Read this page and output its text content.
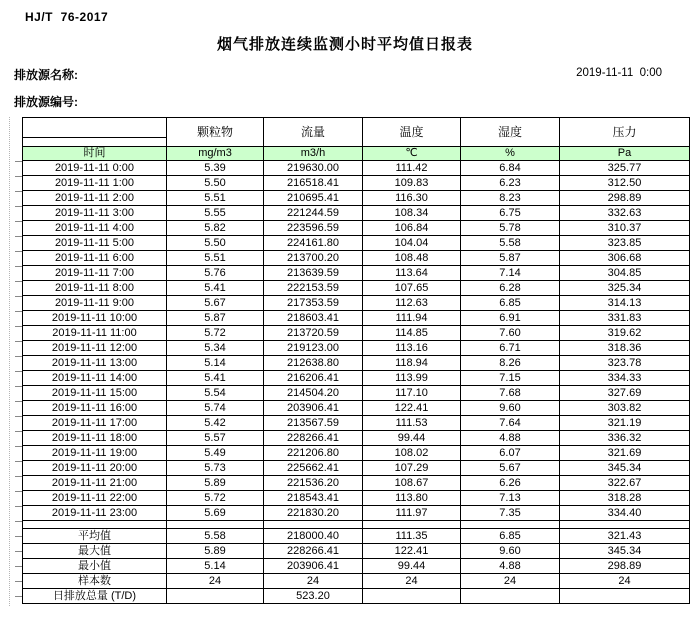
HJ/T  76-2017
烟气排放连续监测小时平均值日报表
排放源名称:	2019-11-11  0:00
排放源编号:
	颗粒物	流量	温度	湿度	压力

时间	mg/m3	m3/h	℃	%	Pa
2019-11-11 0:00	5.39	219630.00	111.42	6.84	325.77
2019-11-11 1:00	5.50	216518.41	109.83	6.23	312.50
2019-11-11 2:00	5.51	210695.41	116.30	8.23	298.89
2019-11-11 3:00	5.55	221244.59	108.34	6.75	332.63
2019-11-11 4:00	5.82	223596.59	106.84	5.78	310.37
2019-11-11 5:00	5.50	224161.80	104.04	5.58	323.85
2019-11-11 6:00	5.51	213700.20	108.48	5.87	306.68
2019-11-11 7:00	5.76	213639.59	113.64	7.14	304.85
2019-11-11 8:00	5.41	222153.59	107.65	6.28	325.34
2019-11-11 9:00	5.67	217353.59	112.63	6.85	314.13
2019-11-11 10:00	5.87	218603.41	111.94	6.91	331.83
2019-11-11 11:00	5.72	213720.59	114.85	7.60	319.62
2019-11-11 12:00	5.34	219123.00	113.16	6.71	318.36
2019-11-11 13:00	5.14	212638.80	118.94	8.26	323.78
2019-11-11 14:00	5.41	216206.41	113.99	7.15	334.33
2019-11-11 15:00	5.54	214504.20	117.10	7.68	327.69
2019-11-11 16:00	5.74	203906.41	122.41	9.60	303.82
2019-11-11 17:00	5.42	213567.59	111.53	7.64	321.19
2019-11-11 18:00	5.57	228266.41	99.44	4.88	336.32
2019-11-11 19:00	5.49	221206.80	108.02	6.07	321.69
2019-11-11 20:00	5.73	225662.41	107.29	5.67	345.34
2019-11-11 21:00	5.89	221536.20	108.67	6.26	322.67
2019-11-11 22:00	5.72	218543.41	113.80	7.13	318.28
2019-11-11 23:00	5.69	221830.20	111.97	7.35	334.40

平均值	5.58	218000.40	111.35	6.85	321.43
最大值	5.89	228266.41	122.41	9.60	345.34
最小值	5.14	203906.41	99.44	4.88	298.89
样本数	24	24	24	24	24
日排放总量 (T/D)		523.20			
